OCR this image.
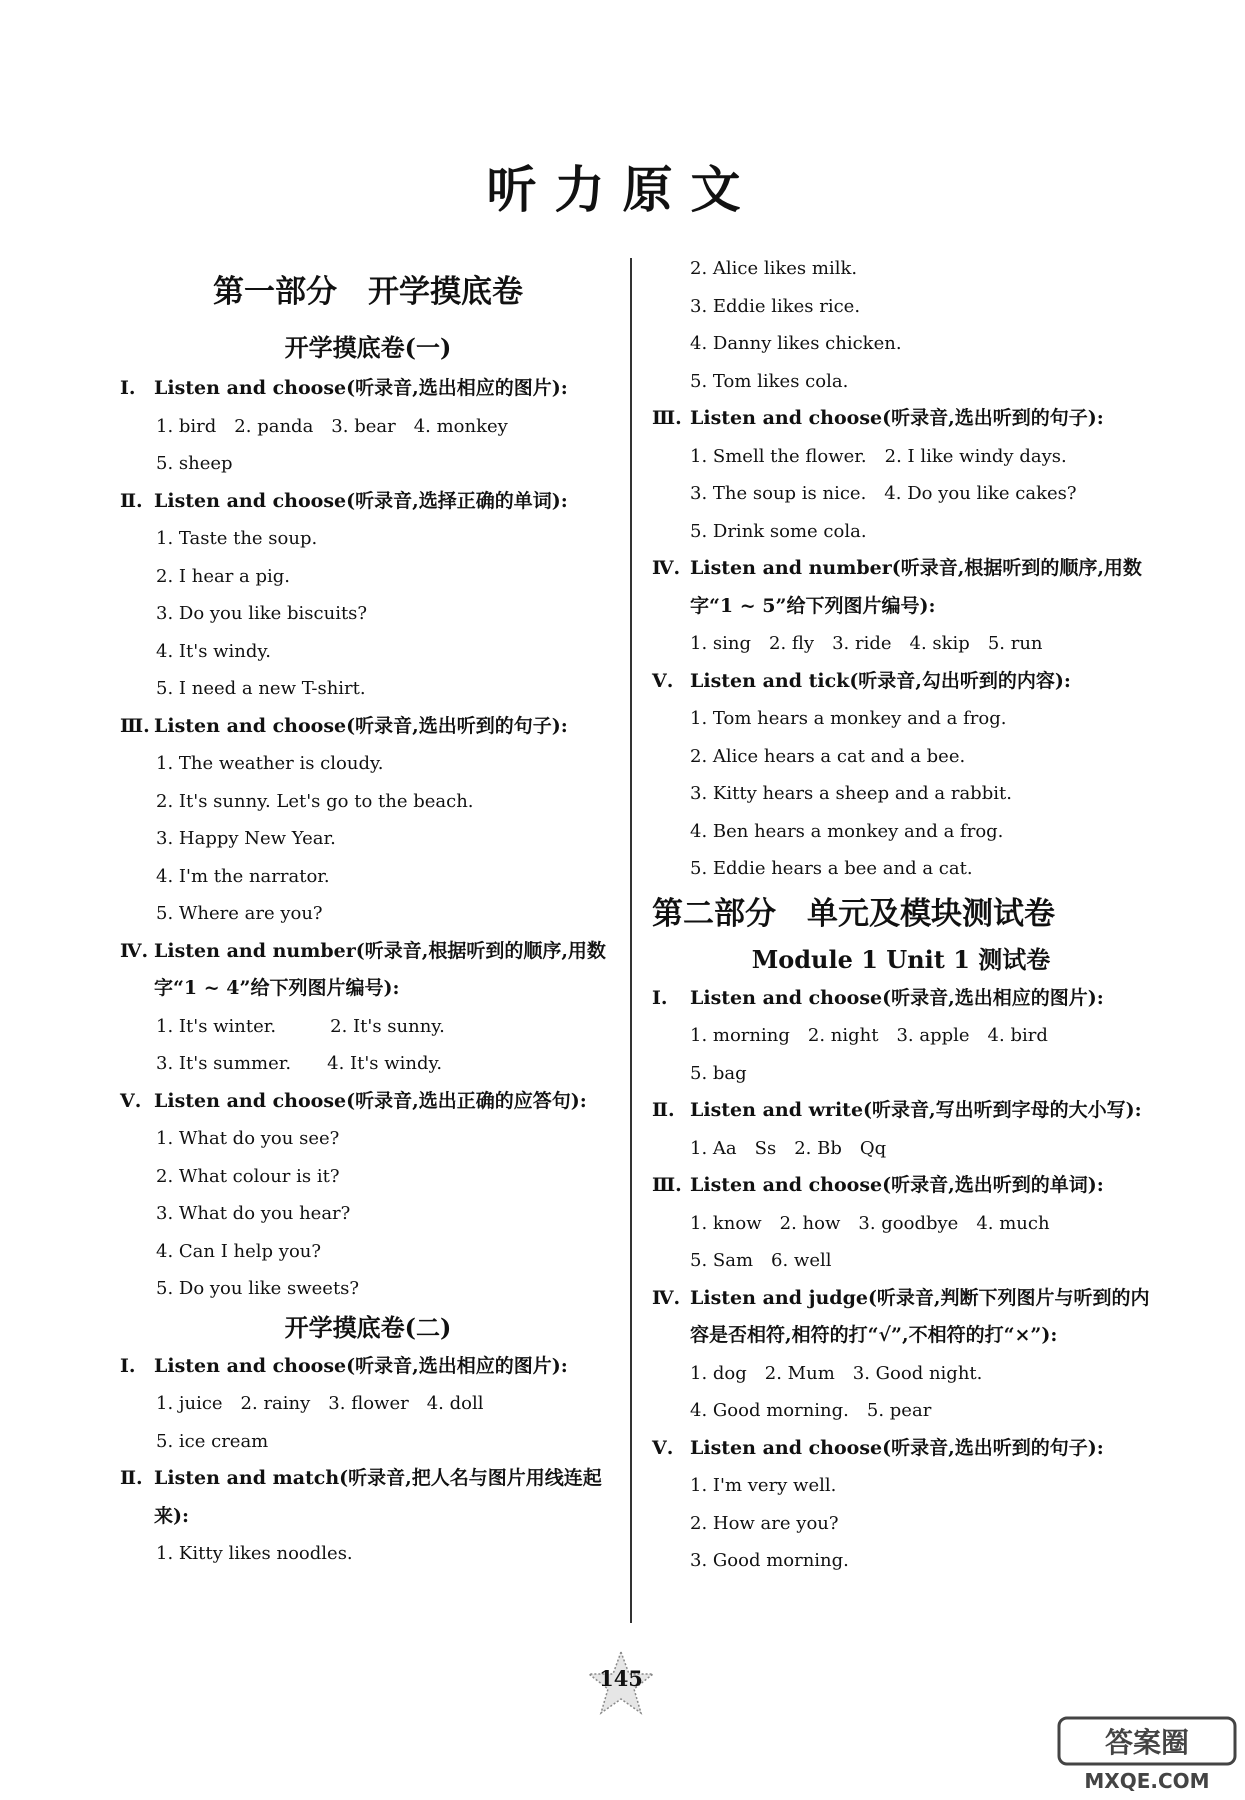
听力原文
第一部分　开学摸底卷
开学摸底卷(一)

Ⅰ. Listen and choose(听录音,选出相应的图片):

1. bird　2. panda　3. bear　4. monkey

5. sheep

Ⅱ. Listen and choose(听录音,选择正确的单词):

1. Taste the soup.

2. I hear a pig.

3. Do you like biscuits?

4. It's windy.

5. I need a new T-shirt.

Ⅲ. Listen and choose(听录音,选出听到的句子):

1. The weather is cloudy.

2. It's sunny. Let's go to the beach.

3. Happy New Year.

4. I'm the narrator.

5. Where are you?

Ⅳ. Listen and number(听录音,根据听到的顺序,用数字“1 ~ 4”给下列图片编号):

1. It's winter.　　　2. It's sunny.

3. It's summer.　　4. It's windy.

Ⅴ. Listen and choose(听录音,选出正确的应答句):

1. What do you see?

2. What colour is it?

3. What do you hear?

4. Can I help you?

5. Do you like sweets?

开学摸底卷(二)

Ⅰ. Listen and choose(听录音,选出相应的图片):

1. juice　2. rainy　3. flower　4. doll

5. ice cream

Ⅱ. Listen and match(听录音,把人名与图片用线连起来):

1. Kitty likes noodles.

2. Alice likes milk.

3. Eddie likes rice.

4. Danny likes chicken.

5. Tom likes cola.

Ⅲ. Listen and choose(听录音,选出听到的句子):

1. Smell the flower.　2. I like windy days.

3. The soup is nice.　4. Do you like cakes?

5. Drink some cola.

Ⅳ. Listen and number(听录音,根据听到的顺序,用数字“1 ~ 5”给下列图片编号):

1. sing　2. fly　3. ride　4. skip　5. run

Ⅴ. Listen and tick(听录音,勾出听到的内容):

1. Tom hears a monkey and a frog.

2. Alice hears a cat and a bee.

3. Kitty hears a sheep and a rabbit.

4. Ben hears a monkey and a frog.

5. Eddie hears a bee and a cat.

第二部分　单元及模块测试卷
Module 1 Unit 1 测试卷

Ⅰ. Listen and choose(听录音,选出相应的图片):

1. morning　2. night　3. apple　4. bird

5. bag

Ⅱ. Listen and write(听录音,写出听到字母的大小写):

1. Aa　Ss　2. Bb　Qq

Ⅲ. Listen and choose(听录音,选出听到的单词):

1. know　2. how　3. goodbye　4. much

5. Sam　6. well

Ⅳ. Listen and judge(听录音,判断下列图片与听到的内容是否相符,相符的打“√”,不相符的打“×”):

1. dog　2. Mum　3. Good night.

4. Good morning.　5. pear

Ⅴ. Listen and choose(听录音,选出听到的句子):

1. I'm very well.

2. How are you?

3. Good morning.

145
答案圈
MXQE.COM
